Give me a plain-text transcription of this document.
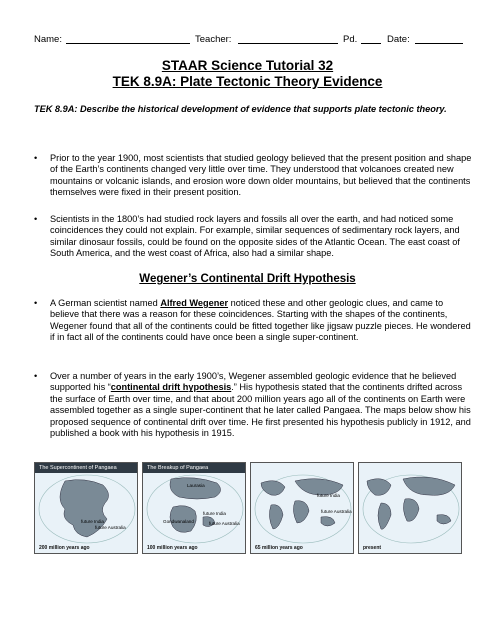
Name:	Teacher:	Pd.	Date:
STAAR Science Tutorial 32
TEK 8.9A: Plate Tectonic Theory Evidence
TEK 8.9A: Describe the historical development of evidence that supports plate tectonic theory.
• Prior to the year 1900, most scientists that studied geology believed that the present position and shape of the Earth’s continents changed very little over time. They understood that volcanoes created new mountains or volcanic islands, and erosion wore down older mountains, but believed that the continents themselves were fixed in their present position.
• Scientists in the 1800’s had studied rock layers and fossils all over the earth, and had noticed some coincidences they could not explain. For example, similar sequences of sedimentary rock layers, and similar dinosaur fossils, could be found on the opposite sides of the Atlantic Ocean. The east coast of South America, and the west coast of Africa, also had a similar shape.
Wegener’s Continental Drift Hypothesis
• A German scientist named Alfred Wegener noticed these and other geologic clues, and came to believe that there was a reason for these coincidences. Starting with the shapes of the continents, Wegener found that all of the continents could be fitted together like jigsaw puzzle pieces. He wondered if in fact all of the continents could have once been a single super-continent.
• Over a number of years in the early 1900’s, Wegener assembled geologic evidence that he believed supported his “continental drift hypothesis.” His hypothesis stated that the continents drifted across the surface of Earth over time, and that about 200 million years ago all of the continents on Earth were assembled together as a single super-continent that he later called Pangaea. The maps below show his proposed sequence of continental drift over time. He first presented his hypothesis publicly in 1912, and published a book with his hypothesis in 1915.
The Supercontinent of Pangaea
future India
future Australia
200 million years ago
The Breakup of Pangaea
Laurasia
Gondwanaland
future India
future Australia
100 million years ago
future India
future Australia
65 million years ago	present
